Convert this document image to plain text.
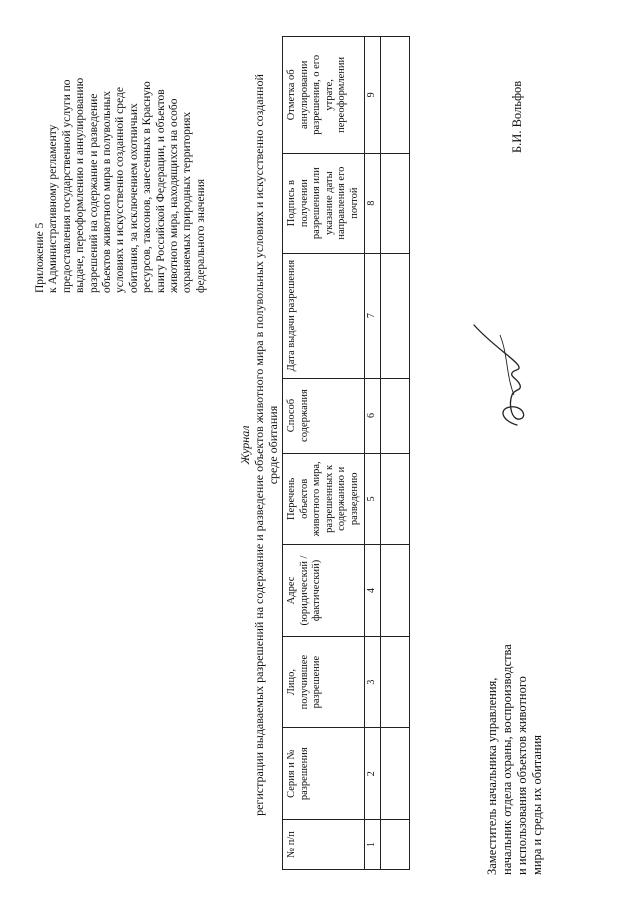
Приложение 5 к Административному регламенту
предоставления государственной услуги по
выдаче, переоформлению и аннулированию
разрешений на содержание и разведение
объектов животного мира в полувольных
условиях и искусственно созданной среде
обитания, за исключением охотничьих
ресурсов, таксонов, занесенных в Красную
книгу Российской Федерации, и объектов
животного мира, находящихся на особо
охраняемых природных территориях
федерального значения

Журнал регистрации выдаваемых разрешений на содержание и разведение объектов животного мира в полувольных условиях и искусственно созданной
среде обитания
№ п/п	Серия и № разрешения	Лицо, получившее разрешение	Адрес (юридический / фактический)	Перечень объектов животного мира, разрешенных к содержанию и разведению	Способ содержания	Дата выдачи разрешения	Подпись в получении разрешения или указание даты направления его почтой	Отметка об аннулировании разрешения, о его утрате, переоформлении
1	2	3	4	5	6	7	8	9

Заместитель начальника управления, начальник отдела охраны, воспроизводства и использования объектов животного мира и среды их обитания
Б.И. Вольфов
